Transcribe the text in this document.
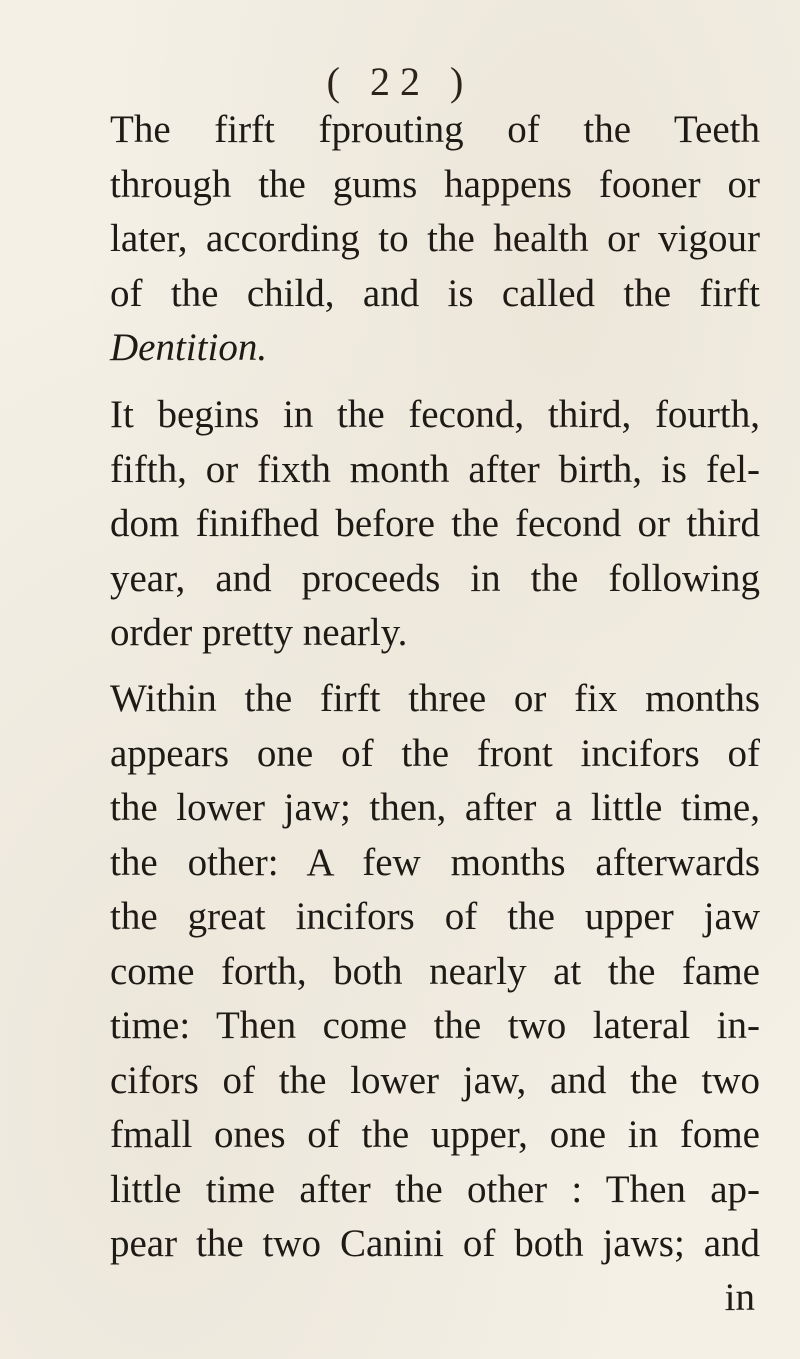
( 22 )
The firft fprouting of the Teeth
through the gums happens fooner or
later, according to the health or vigour
of the child, and is called the firft
Dentition.
It begins in the fecond, third, fourth,
fifth, or fixth month after birth, is fel-
dom finifhed before the fecond or third
year, and proceeds in the following
order pretty nearly.
Within the firft three or fix months
appears one of the front incifors of
the lower jaw; then, after a little time,
the other: A few months afterwards
the great incifors of the upper jaw
come forth, both nearly at the fame
time: Then come the two lateral in-
cifors of the lower jaw, and the two
fmall ones of the upper, one in fome
little time after the other : Then ap-
pear the two Canini of both jaws; and
in
